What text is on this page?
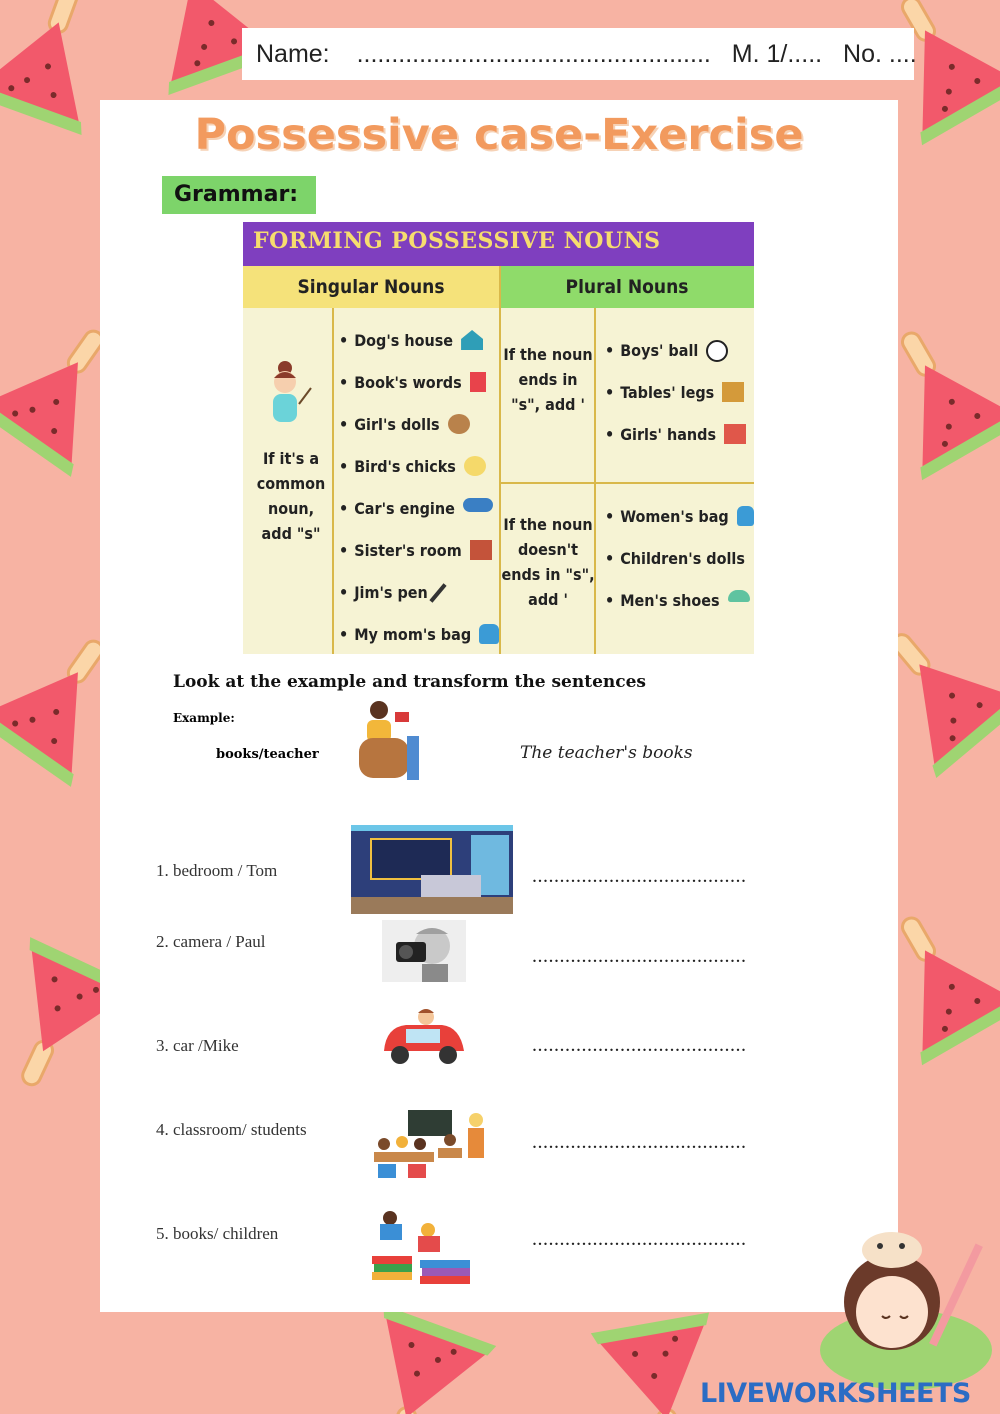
Name: ................................................... M. 1/..... No. ....
Possessive case-Exercise
Grammar:
FORMING POSSESSIVE NOUNS
Singular Nouns	Plural Nouns
If it's a common noun, add "s"
• Dog's house
• Book's words
• Girl's dolls
• Bird's chicks
• Car's engine
• Sister's room
• Jim's pen
• My mom's bag
If the noun ends in "s", add '
• Boys' ball
• Tables' legs
• Girls' hands
If the noun doesn't ends in "s", add '
• Women's bag
• Children's dolls
• Men's shoes
Look at the example and transform the sentences
Example:
books/teacher	The teacher's books
1. bedroom / Tom	.......................................
2. camera / Paul
.......................................
3. car /Mike	.......................................
4. classroom/ students
.......................................
5. books/ children	.......................................
LIVEWORKSHEETS
